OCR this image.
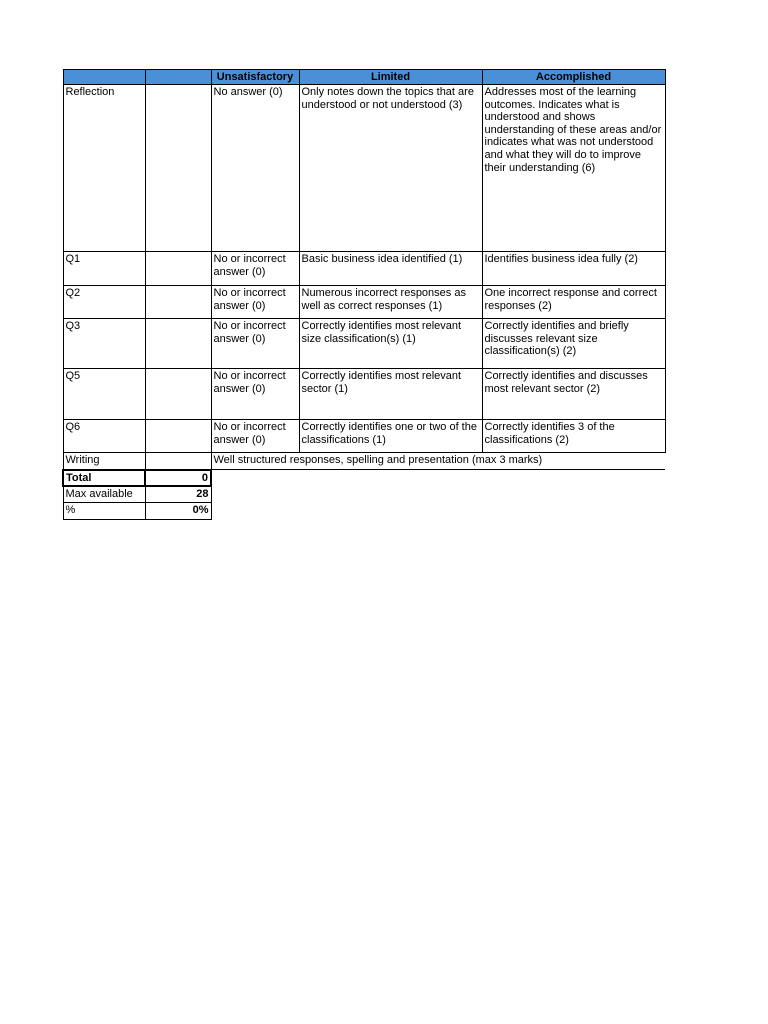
		Unsatisfactory	Limited	Accomplished
Reflection		No answer (0)	Only notes down the topics that are understood or not understood (3)	Addresses most of the learning outcomes. Indicates what is understood and shows understanding of these areas and/or indicates what was not understood and what they will do to improve their understanding (6)
Q1		No or incorrect answer (0)	Basic business idea identified (1)	Identifies business idea fully (2)
Q2		No or incorrect answer (0)	Numerous incorrect responses as well as correct responses (1)	One incorrect response and correct responses (2)
Q3		No or incorrect answer (0)	Correctly identifies most relevant size classification(s) (1)	Correctly identifies and briefly discusses relevant size classification(s) (2)
Q5		No or incorrect answer (0)	Correctly identifies most relevant sector (1)	Correctly identifies and discusses most relevant sector (2)
Q6		No or incorrect answer (0)	Correctly identifies one or two of the classifications (1)	Correctly identifies 3 of the classifications (2)
Writing		Well structured responses, spelling and presentation (max 3 marks)		
Total	0			
Max available	28			
%	0%			
